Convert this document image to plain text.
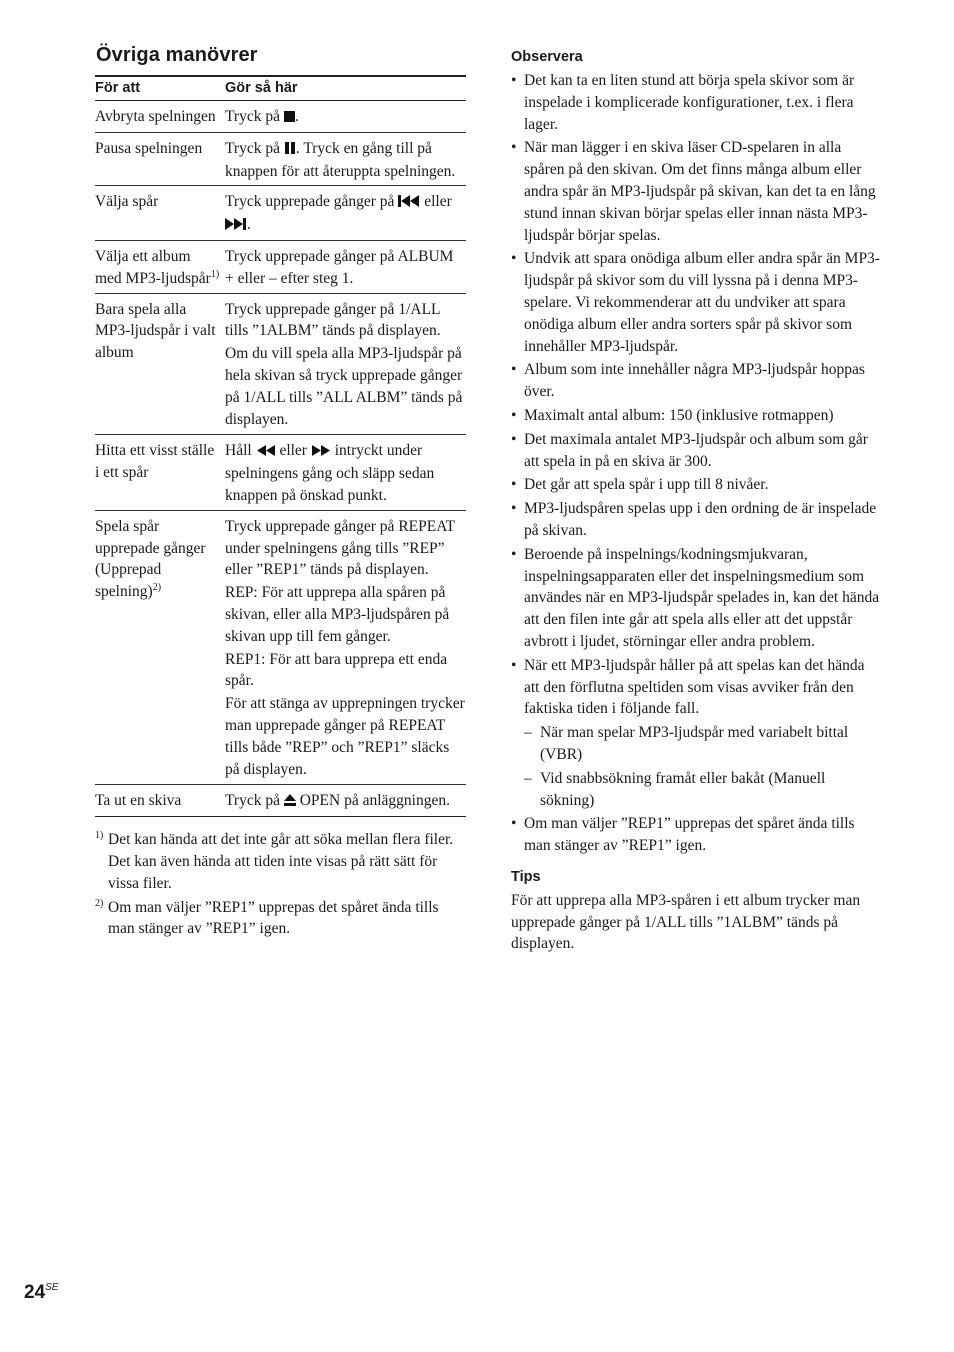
Övriga manövrer
För att	Gör så här
Avbryta spelningen	Tryck på .
Pausa spelningen	Tryck på . Tryck en gång till på knappen för att återuppta spelningen.
Välja spår	Tryck upprepade gånger på  eller .
Välja ett album med MP3-ljudspår$^{1)}$	Tryck upprepade gånger på ALBUM + eller – efter steg 1.
Bara spela alla MP3-ljudspår i valt album	Tryck upprepade gånger på 1/ALL tills ”1ALBM” tänds på displayen.

Om du vill spela alla MP3-ljudspår på hela skivan så tryck upprepade gånger på 1/ALL tills ”ALL ALBM” tänds på displayen.

Hitta ett visst ställe i ett spår	Håll  eller  intryckt under spelningens gång och släpp sedan knappen på önskad punkt.
Spela spår upprepade gånger (Upprepad spelning)$^{2)}$	Tryck upprepade gånger på REPEAT under spelningens gång tills ”REP” eller ”REP1” tänds på displayen.

REP: För att upprepa alla spåren på skivan, eller alla MP3-ljudspåren på skivan upp till fem gånger.

REP1: För att bara upprepa ett enda spår.

För att stänga av upprepningen trycker man upprepade gånger på REPEAT tills både ”REP” och ”REP1” släcks på displayen.

Ta ut en skiva	Tryck på  OPEN på anläggningen.
1) Det kan hända att det inte går att söka mellan flera filer. Det kan även hända att tiden inte visas på rätt sätt för vissa filer.
2) Om man väljer ”REP1” upprepas det spåret ända tills man stänger av ”REP1” igen.
Observera
• Det kan ta en liten stund att börja spela skivor som är inspelade i komplicerade konfigurationer, t.ex. i flera lager.
• När man lägger i en skiva läser CD-spelaren in alla spåren på den skivan. Om det finns många album eller andra spår än MP3-ljudspår på skivan, kan det ta en lång stund innan skivan börjar spelas eller innan nästa MP3-ljudspår börjar spelas.
• Undvik att spara onödiga album eller andra spår än MP3-ljudspår på skivor som du vill lyssna på i denna MP3-spelare. Vi rekommenderar att du undviker att spara onödiga album eller andra sorters spår på skivor som innehåller MP3-ljudspår.
• Album som inte innehåller några MP3-ljudspår hoppas över.
• Maximalt antal album: 150 (inklusive rotmappen)
• Det maximala antalet MP3-ljudspår och album som går att spela in på en skiva är 300.
• Det går att spela spår i upp till 8 nivåer.
• MP3-ljudspåren spelas upp i den ordning de är inspelade på skivan.
• Beroende på inspelnings/kodningsmjukvaran, inspelningsapparaten eller det inspelningsmedium som användes när en MP3-ljudspår spelades in, kan det hända att den filen inte går att spela alls eller att det uppstår avbrott i ljudet, störningar eller andra problem.
• När ett MP3-ljudspår håller på att spelas kan det hända att den förflutna speltiden som visas avviker från den faktiska tiden i följande fall.
– När man spelar MP3-ljudspår med variabelt bittal (VBR)
– Vid snabbsökning framåt eller bakåt (Manuell sökning)
• Om man väljer ”REP1” upprepas det spåret ända tills man stänger av ”REP1” igen.
Tips

För att upprepa alla MP3-spåren i ett album trycker man upprepade gånger på 1/ALL tills ”1ALBM” tänds på displayen.

$24^{SE}$
